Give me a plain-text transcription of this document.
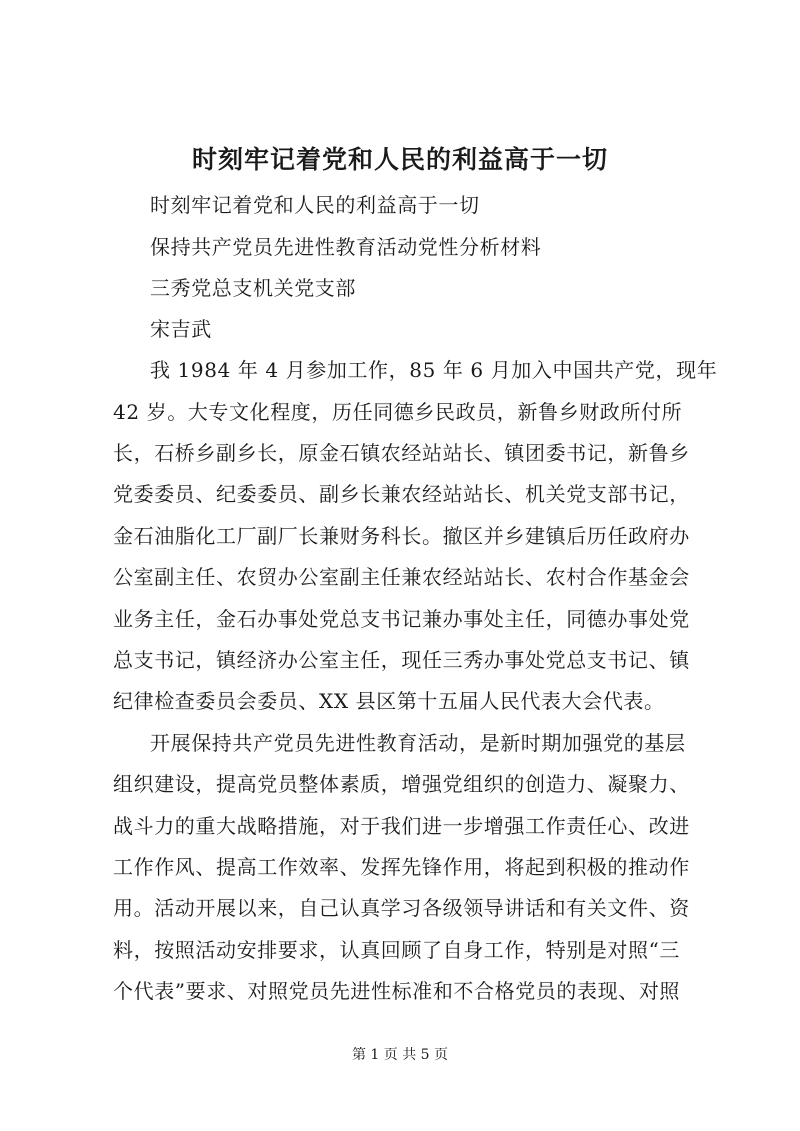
时刻牢记着党和人民的利益高于一切
时刻牢记着党和人民的利益高于一切
保持共产党员先进性教育活动党性分析材料
三秀党总支机关党支部
宋吉武
我 1984 年 4 月参加工作，85 年 6 月加入中国共产党，现年
42 岁。大专文化程度，历任同德乡民政员，新鲁乡财政所付所
长，石桥乡副乡长，原金石镇农经站站长、镇团委书记，新鲁乡
党委委员、纪委委员、副乡长兼农经站站长、机关党支部书记，
金石油脂化工厂副厂长兼财务科长。撤区并乡建镇后历任政府办
公室副主任、农贸办公室副主任兼农经站站长、农村合作基金会
业务主任，金石办事处党总支书记兼办事处主任，同德办事处党
总支书记，镇经济办公室主任，现任三秀办事处党总支书记、镇
纪律检查委员会委员、XX 县区第十五届人民代表大会代表。
开展保持共产党员先进性教育活动，是新时期加强党的基层
组织建设，提高党员整体素质，增强党组织的创造力、凝聚力、
战斗力的重大战略措施，对于我们进一步增强工作责任心、改进
工作作风、提高工作效率、发挥先锋作用，将起到积极的推动作
用。活动开展以来，自己认真学习各级领导讲话和有关文件、资
料，按照活动安排要求，认真回顾了自身工作，特别是对照“三
个代表”要求、对照党员先进性标准和不合格党员的表现、对照
第 1 页 共 5 页
